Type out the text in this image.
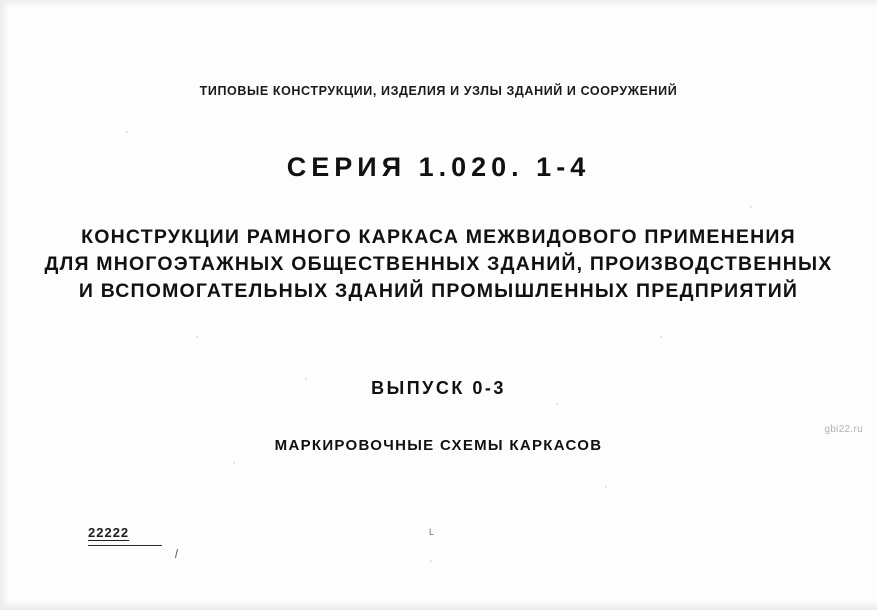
ТИПОВЫЕ КОНСТРУКЦИИ, ИЗДЕЛИЯ И УЗЛЫ ЗДАНИЙ И СООРУЖЕНИЙ
СЕРИЯ 1.020. 1-4
КОНСТРУКЦИИ РАМНОГО КАРКАСА МЕЖВИДОВОГО ПРИМЕНЕНИЯ
ДЛЯ МНОГОЭТАЖНЫХ ОБЩЕСТВЕННЫХ ЗДАНИЙ, ПРОИЗВОДСТВЕННЫХ
И ВСПОМОГАТЕЛЬНЫХ ЗДАНИЙ ПРОМЫШЛЕННЫХ ПРЕДПРИЯТИЙ
ВЫПУСК 0-3
МАРКИРОВОЧНЫЕ СХЕМЫ КАРКАСОВ
22222	L
gbi22.ru
